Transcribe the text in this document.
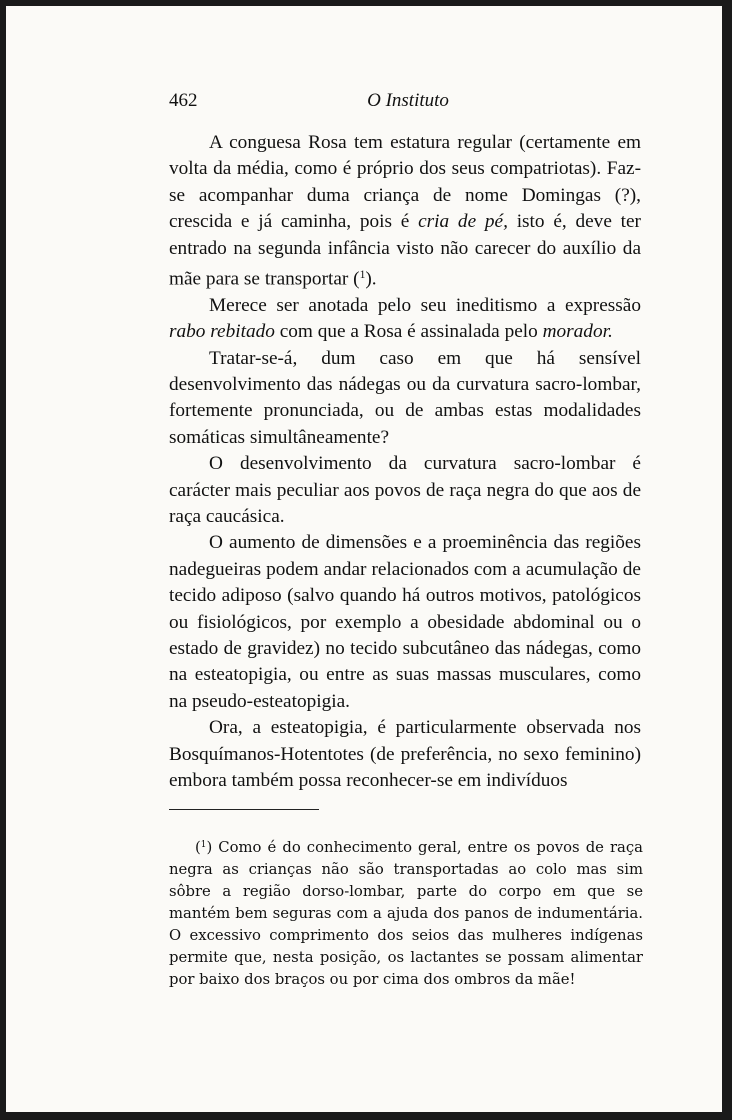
462	O Instituto

A conguesa Rosa tem estatura regular (certamente em volta da média, como é próprio dos seus compatriotas). Faz-se acompanhar duma criança de nome Domingas (?), crescida e já caminha, pois é cria de pé, isto é, deve ter entrado na segunda infância visto não carecer do auxílio da mãe para se transportar ($^1$).

Merece ser anotada pelo seu ineditismo a expressão rabo rebitado com que a Rosa é assinalada pelo morador.

Tratar-se-á, dum caso em que há sensível desenvolvimento das nádegas ou da curvatura sacro-lombar, fortemente pronunciada, ou de ambas estas modalidades somáticas simultâneamente?

O desenvolvimento da curvatura sacro-lombar é carácter mais peculiar aos povos de raça negra do que aos de raça caucásica.

O aumento de dimensões e a proeminência das regiões nadegueiras podem andar relacionados com a acumulação de tecido adiposo (salvo quando há outros motivos, patológicos ou fisiológicos, por exemplo a obesidade abdominal ou o estado de gravidez) no tecido subcutâneo das nádegas, como na esteatopigia, ou entre as suas massas musculares, como na pseudo-esteatopigia.

Ora, a esteatopigia, é particularmente observada nos Bosquímanos-Hotentotes (de preferência, no sexo feminino) embora também possa reconhecer-se em indivíduos

($^1$) Como é do conhecimento geral, entre os povos de raça negra as crianças não são transportadas ao colo mas sim sôbre a região dorso-lombar, parte do corpo em que se mantém bem seguras com a ajuda dos panos de indumentária. O excessivo comprimento dos seios das mulheres indígenas permite que, nesta posição, os lactantes se possam alimentar por baixo dos braços ou por cima dos ombros da mãe!
